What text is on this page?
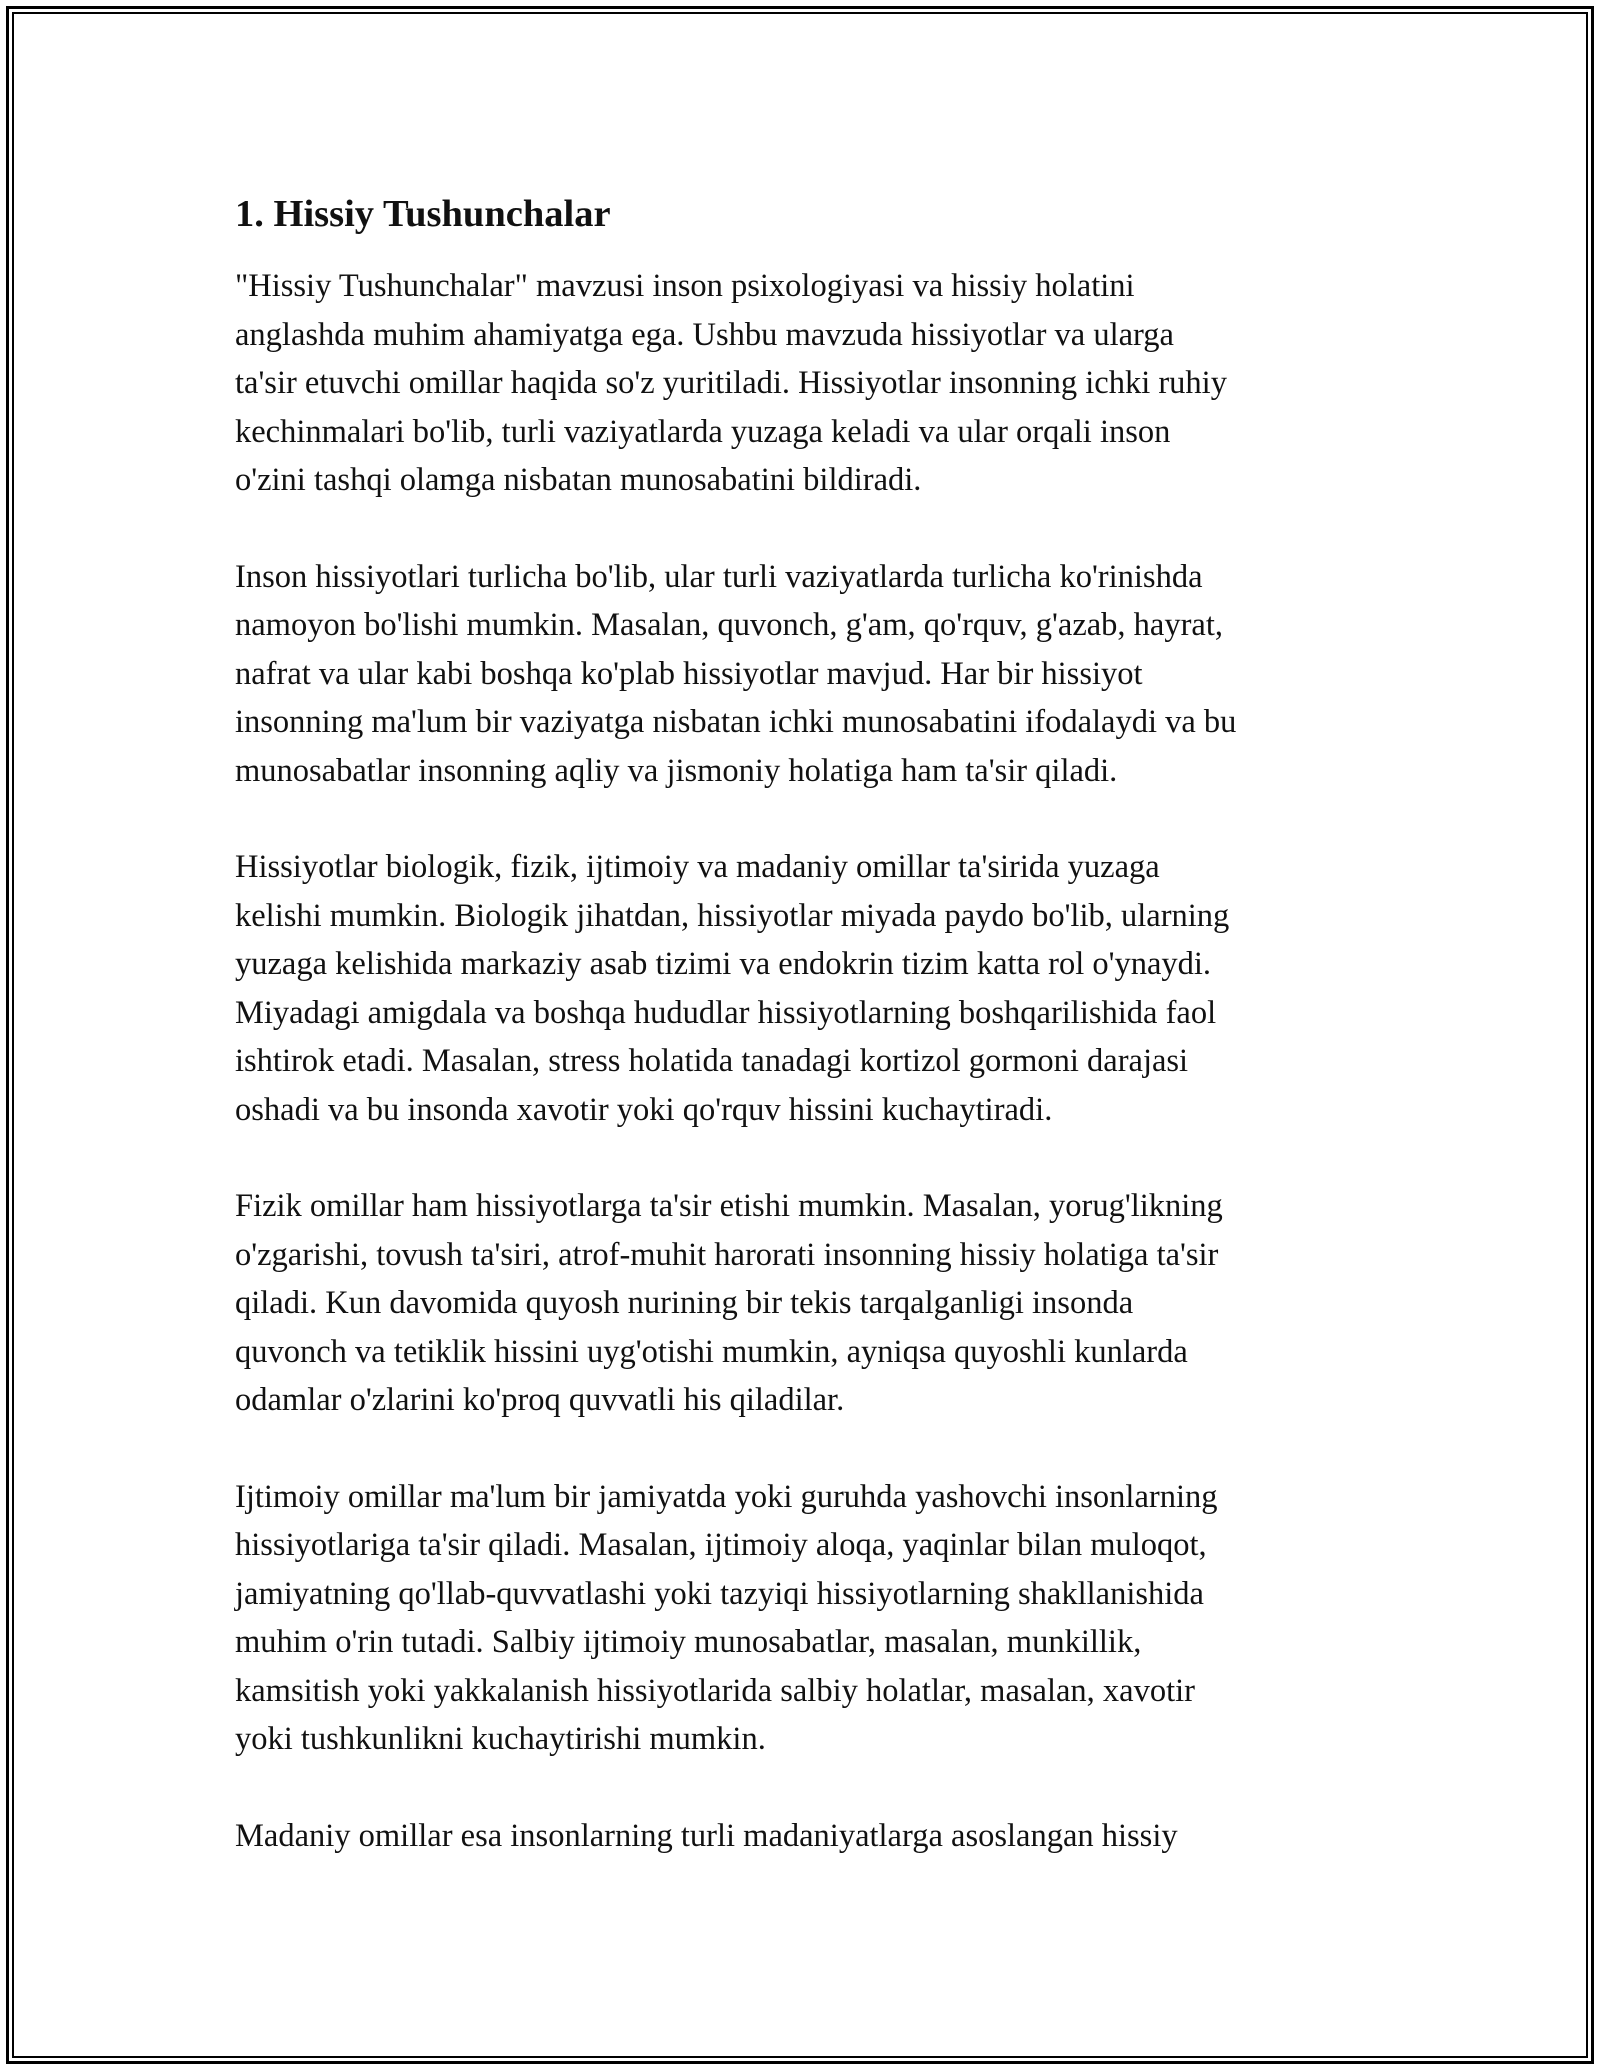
1. Hissiy Tushunchalar

"Hissiy Tushunchalar" mavzusi inson psixologiyasi va hissiy holatini
anglashda muhim ahamiyatga ega. Ushbu mavzuda hissiyotlar va ularga
ta'sir etuvchi omillar haqida so'z yuritiladi. Hissiyotlar insonning ichki ruhiy
kechinmalari bo'lib, turli vaziyatlarda yuzaga keladi va ular orqali inson
o'zini tashqi olamga nisbatan munosabatini bildiradi.

Inson hissiyotlari turlicha bo'lib, ular turli vaziyatlarda turlicha ko'rinishda
namoyon bo'lishi mumkin. Masalan, quvonch, g'am, qo'rquv, g'azab, hayrat,
nafrat va ular kabi boshqa ko'plab hissiyotlar mavjud. Har bir hissiyot
insonning ma'lum bir vaziyatga nisbatan ichki munosabatini ifodalaydi va bu
munosabatlar insonning aqliy va jismoniy holatiga ham ta'sir qiladi.

Hissiyotlar biologik, fizik, ijtimoiy va madaniy omillar ta'sirida yuzaga
kelishi mumkin. Biologik jihatdan, hissiyotlar miyada paydo bo'lib, ularning
yuzaga kelishida markaziy asab tizimi va endokrin tizim katta rol o'ynaydi.
Miyadagi amigdala va boshqa hududlar hissiyotlarning boshqarilishida faol
ishtirok etadi. Masalan, stress holatida tanadagi kortizol gormoni darajasi
oshadi va bu insonda xavotir yoki qo'rquv hissini kuchaytiradi.

Fizik omillar ham hissiyotlarga ta'sir etishi mumkin. Masalan, yorug'likning
o'zgarishi, tovush ta'siri, atrof-muhit harorati insonning hissiy holatiga ta'sir
qiladi. Kun davomida quyosh nurining bir tekis tarqalganligi insonda
quvonch va tetiklik hissini uyg'otishi mumkin, ayniqsa quyoshli kunlarda
odamlar o'zlarini ko'proq quvvatli his qiladilar.

Ijtimoiy omillar ma'lum bir jamiyatda yoki guruhda yashovchi insonlarning
hissiyotlariga ta'sir qiladi. Masalan, ijtimoiy aloqa, yaqinlar bilan muloqot,
jamiyatning qo'llab-quvvatlashi yoki tazyiqi hissiyotlarning shakllanishida
muhim o'rin tutadi. Salbiy ijtimoiy munosabatlar, masalan, munkillik,
kamsitish yoki yakkalanish hissiyotlarida salbiy holatlar, masalan, xavotir
yoki tushkunlikni kuchaytirishi mumkin.

Madaniy omillar esa insonlarning turli madaniyatlarga asoslangan hissiy
